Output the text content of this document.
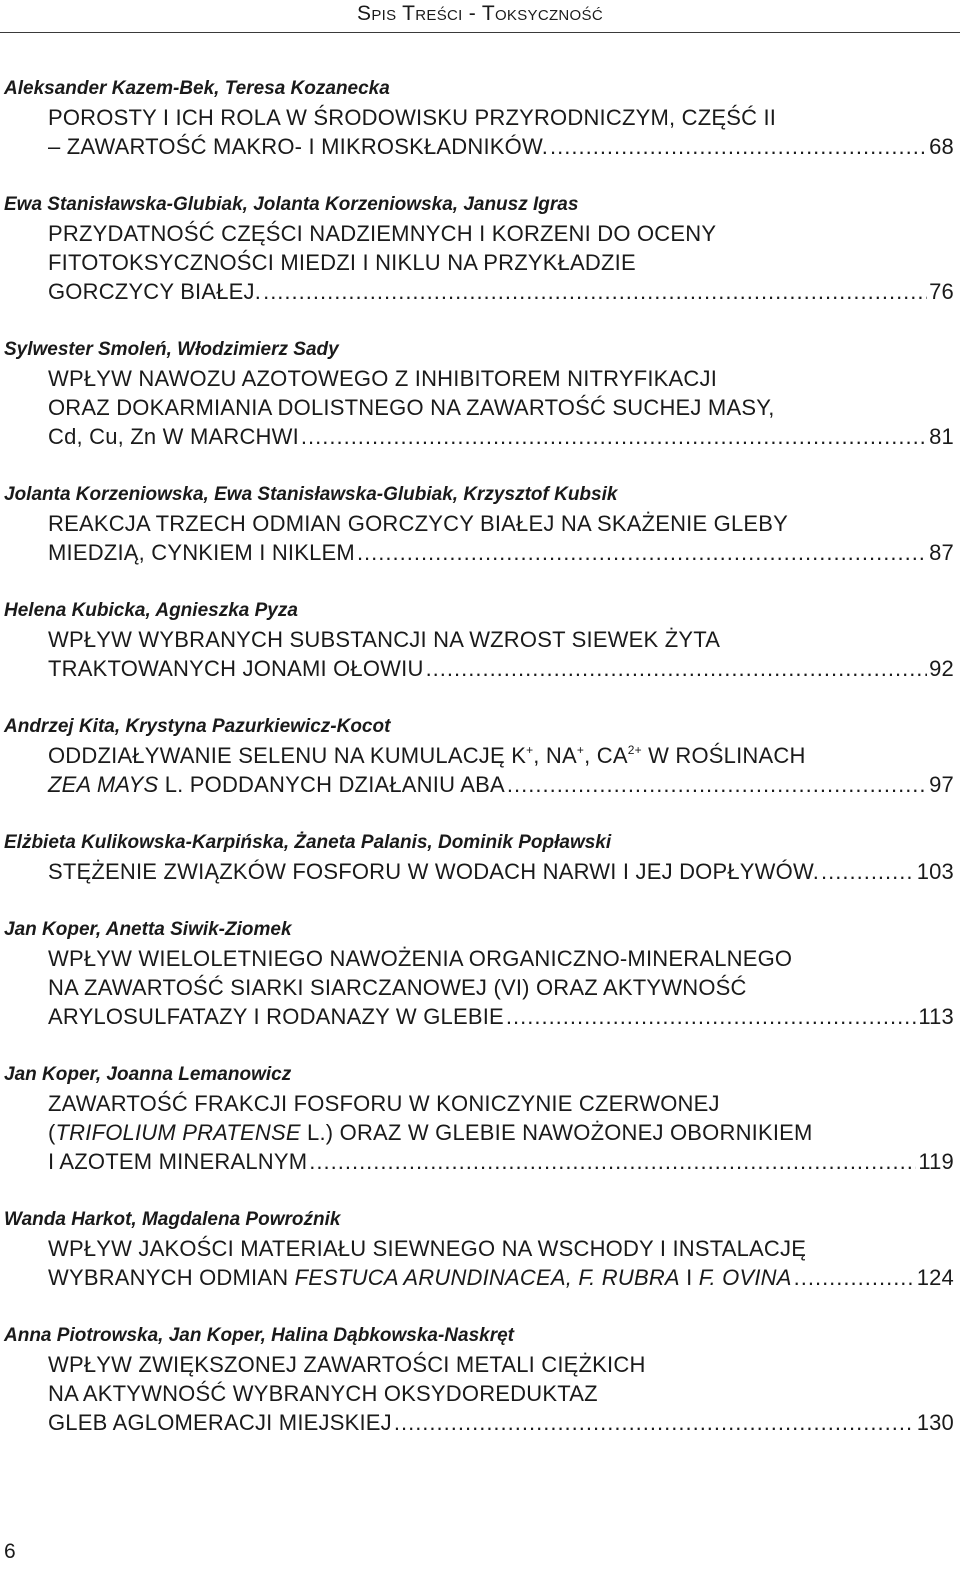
Spis Treści - Toksyczność
Aleksander Kazem-Bek, Teresa Kozanecka
POROSTY I ICH ROLA W ŚRODOWISKU PRZYRODNICZYM, CZĘŚĆ II
– ZAWARTOŚĆ MAKRO- I MIKROSKŁADNIKÓW. .....	68
Ewa Stanisławska-Glubiak, Jolanta Korzeniowska, Janusz Igras
PRZYDATNOŚĆ CZĘŚCI NADZIEMNYCH I KORZENI DO OCENY
FITOTOKSYCZNOŚCI MIEDZI I NIKLU NA PRZYKŁADZIE
GORCZYCY BIAŁEJ. .....	76
Sylwester Smoleń, Włodzimierz Sady
WPŁYW NAWOZU AZOTOWEGO Z INHIBITOREM NITRYFIKACJI
ORAZ DOKARMIANIA DOLISTNEGO NA ZAWARTOŚĆ SUCHEJ MASY,
Cd, Cu, Zn W MARCHWI .....	81
Jolanta Korzeniowska, Ewa Stanisławska-Glubiak, Krzysztof Kubsik
REAKCJA TRZECH ODMIAN GORCZYCY BIAŁEJ NA SKAŻENIE GLEBY
MIEDZIĄ, CYNKIEM I NIKLEM .....	87
Helena Kubicka, Agnieszka Pyza
WPŁYW WYBRANYCH SUBSTANCJI NA WZROST SIEWEK ŻYTA
TRAKTOWANYCH JONAMI OŁOWIU .....	92
Andrzej Kita, Krystyna Pazurkiewicz-Kocot
ODDZIAŁYWANIE SELENU NA KUMULACJĘ K+, NA+, $CA^{2+}$ W ROŚLINACH
ZEA MAYS L. PODDANYCH DZIAŁANIU ABA .....	97
Elżbieta Kulikowska-Karpińska, Żaneta Palanis, Dominik Popławski
STĘŻENIE ZWIĄZKÓW FOSFORU W WODACH NARWI I JEJ DOPŁYWÓW. .....	103
Jan Koper, Anetta Siwik-Ziomek
WPŁYW WIELOLETNIEGO NAWOŻENIA ORGANICZNO-MINERALNEGO
NA ZAWARTOŚĆ SIARKI SIARCZANOWEJ (VI) ORAZ AKTYWNOŚĆ
ARYLOSULFATAZY I RODANAZY W GLEBIE .....	113
Jan Koper, Joanna Lemanowicz
ZAWARTOŚĆ FRAKCJI FOSFORU W KONICZYNIE CZERWONEJ
(TRIFOLIUM PRATENSE L.) ORAZ W GLEBIE NAWOŻONEJ OBORNIKIEM
I AZOTEM MINERALNYM .....	119
Wanda Harkot, Magdalena Powroźnik
WPŁYW JAKOŚCI MATERIAŁU SIEWNEGO NA WSCHODY I INSTALACJĘ
WYBRANYCH ODMIAN FESTUCA ARUNDINACEA, F. RUBRA I F. OVINA .....	124
Anna Piotrowska, Jan Koper, Halina Dąbkowska-Naskręt
WPŁYW ZWIĘKSZONEJ ZAWARTOŚCI METALI CIĘŻKICH
NA AKTYWNOŚĆ WYBRANYCH OKSYDOREDUKTAZ
GLEB AGLOMERACJI MIEJSKIEJ .....	130
6
